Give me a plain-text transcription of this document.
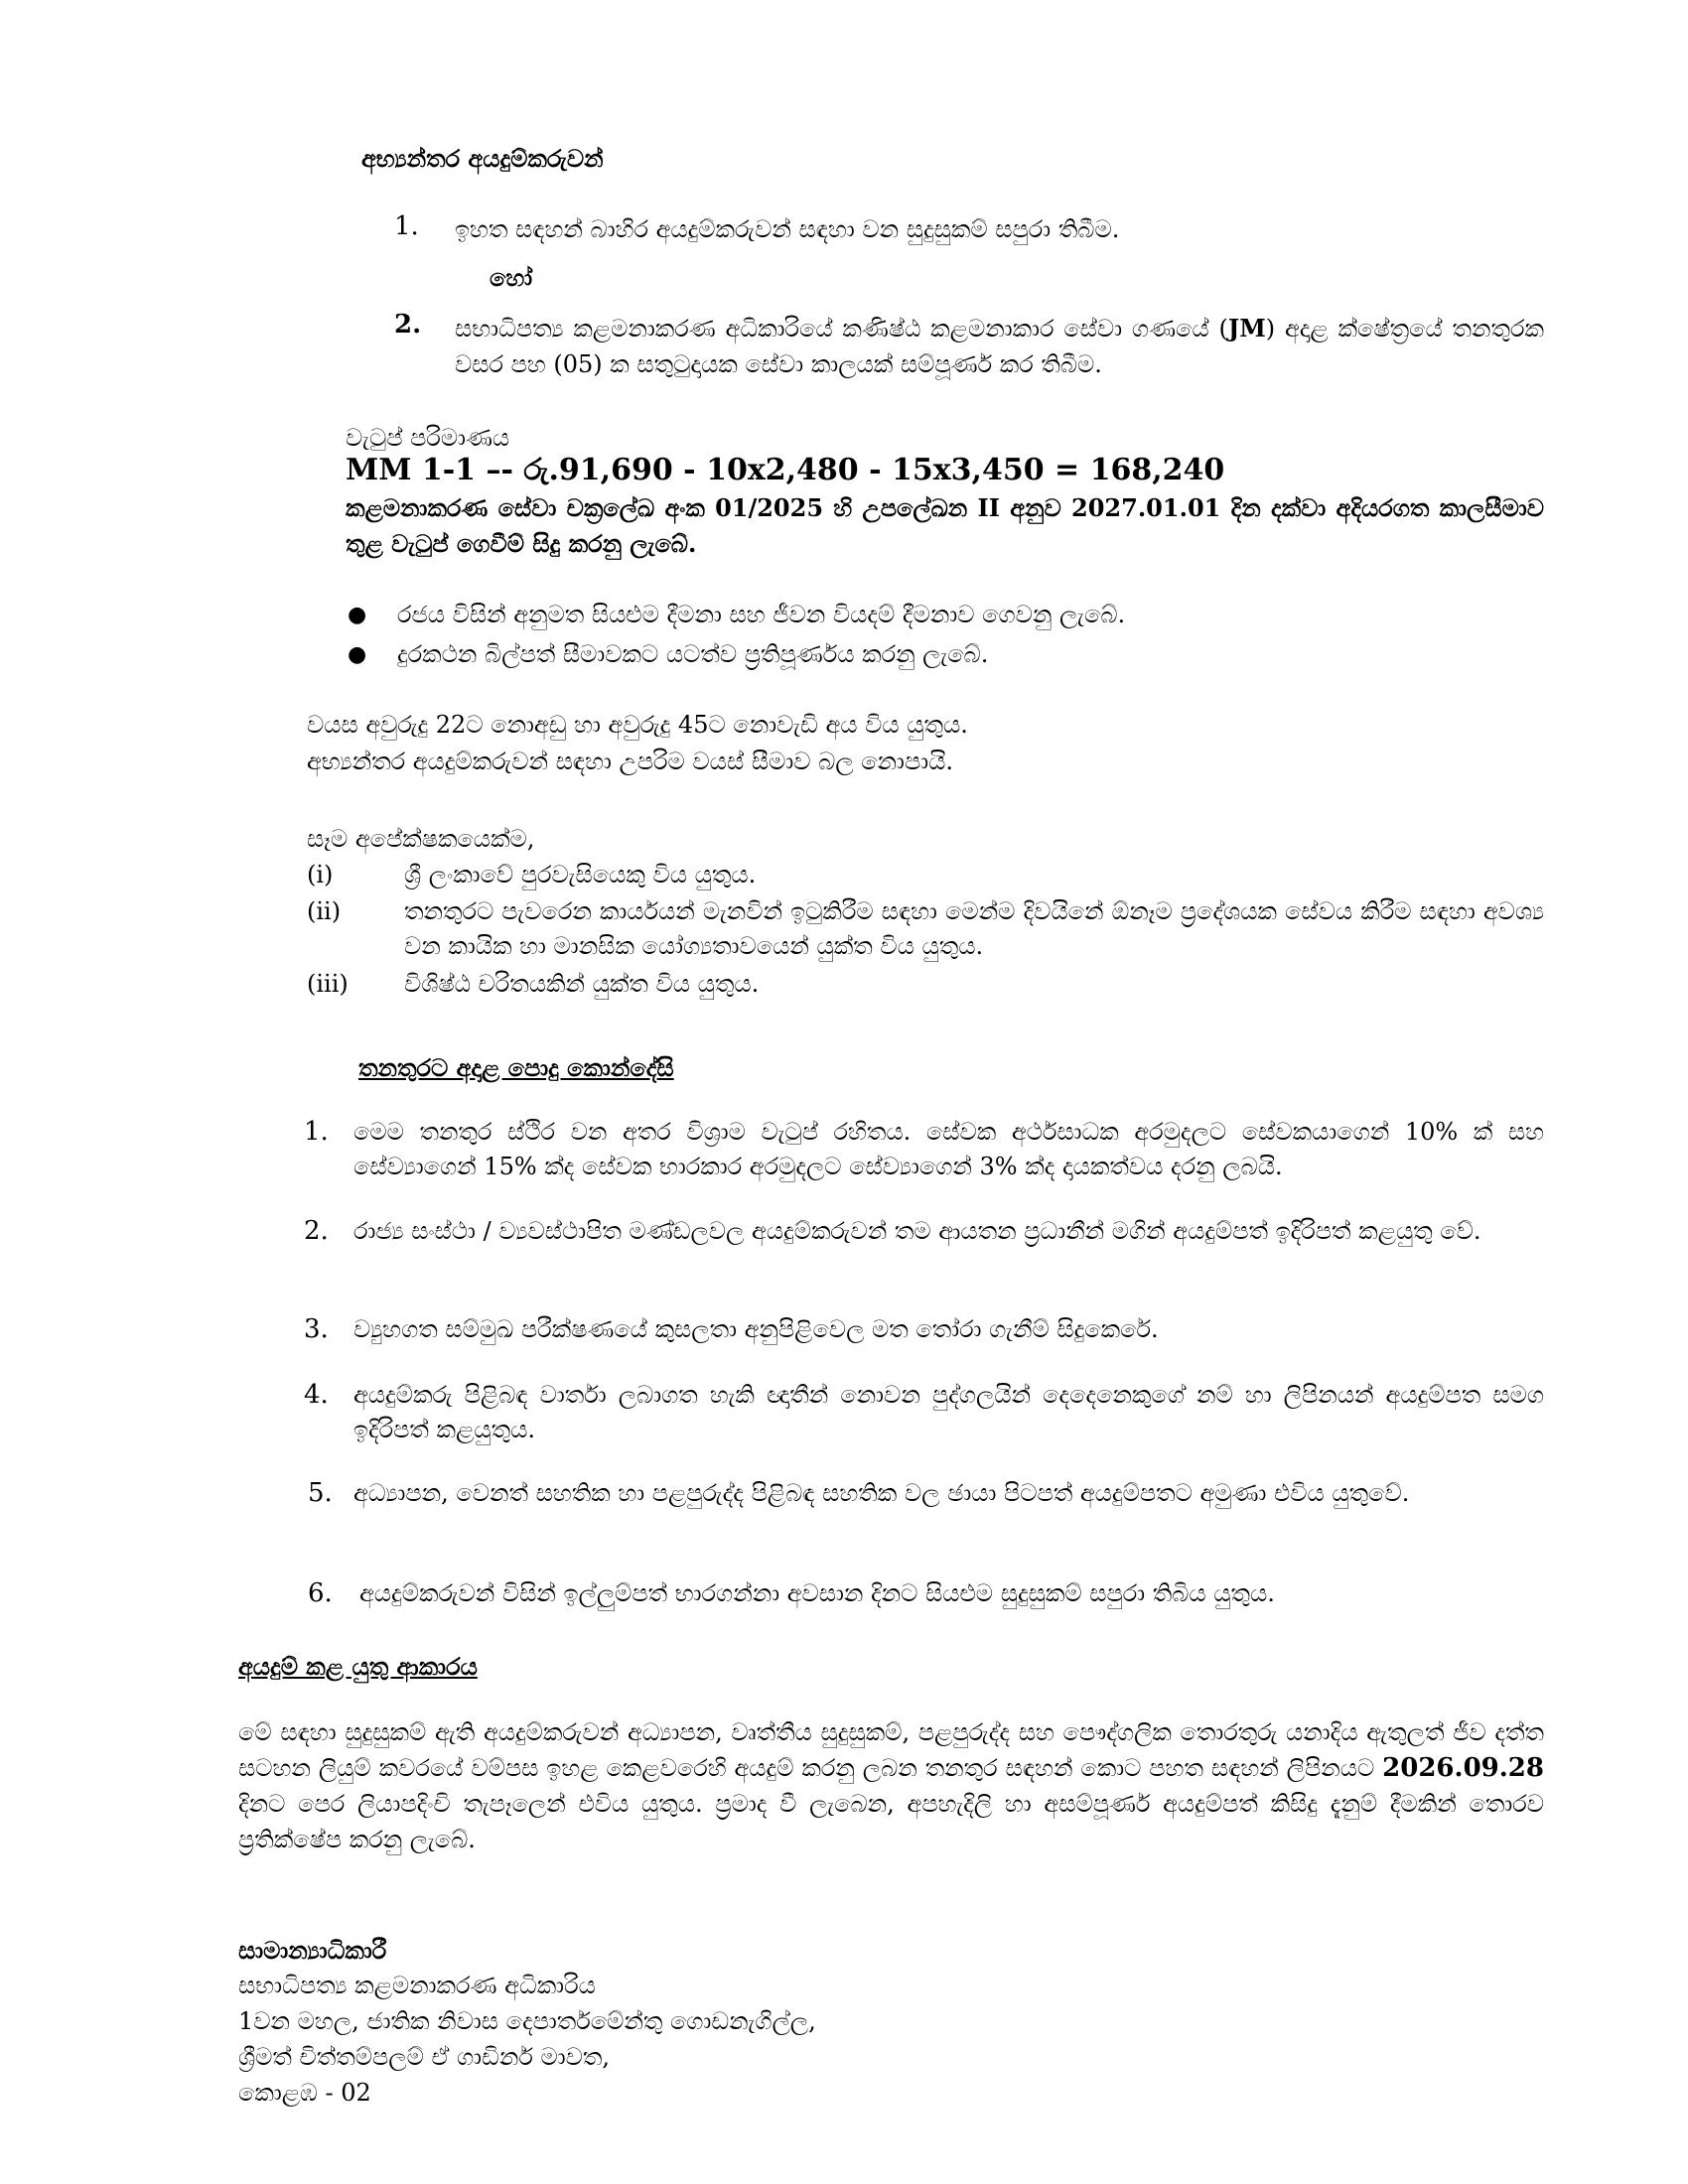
අභ්‍යන්තර අයදුම්කරුවන්
1. ඉහත සඳහන් බාහිර අයදුම්කරුවන් සඳහා වන සුදුසුකම් සපුරා තිබීම.
හෝ
2. සභාධිපත්‍ය කළමනාකරණ අධිකාරියේ කණිෂ්ඨ කළමනාකාර සේවා ගණයේ (JM) අදාළ ක්ෂේත්‍රයේ තනතුරක වසර පහ (05) ක සතුටුදායක සේවා කාලයක් සම්පූර්ණ කර තිබීම.
වැටුප් පරිමාණය
MM 1-1 –- රු.91,690 - 10x2,480 - 15x3,450 = 168,240
කළමනාකරණ සේවා චක්‍රලේඛ අංක 01/2025 හි උපලේඛන II අනුව 2027.01.01 දින දක්වා අදියරගත කාලසීමාව තුළ වැටුප් ගෙවීම් සිදු කරනු ලැබේ.
● රජය විසින් අනුමත සියළුම දීමනා සහ ජීවන වියදම් දීමනාව ගෙවනු ලැබේ.
● දුරකථන බිල්පත් සීමාවකට යටත්ව ප්‍රතිපූර්ණය කරනු ලැබේ.
වයස අවුරුදු 22ට නොඅඩු හා අවුරුදු 45ට නොවැඩි අය විය යුතුය.
අභ්‍යන්තර අයදුම්කරුවන් සඳහා උපරිම වයස් සීමාව බල නොපායි.
සෑම අපේක්ෂකයෙක්ම,
(i)	ශ්‍රී ලංකාවේ පුරවැසියෙකු විය යුතුය.
(ii)	තනතුරට පැවරෙන කාර්යයන් මැනවින් ඉටුකිරීම සඳහා මෙන්ම දිවයිනේ ඕනෑම ප්‍රදේශයක සේවය කිරීම සඳහා අවශ්‍ය වන කායික හා මානසික යෝග්‍යතාවයෙන් යුක්ත විය යුතුය.
(iii) විශිෂ්ඨ චරිතයකින් යුක්ත විය යුතුය.
තනතුරට අදාළ පොදු කොන්දේසි
1. මෙම තනතුර ස්ථිර වන අතර විශ්‍රාම වැටුප් රහිතය. සේවක අර්ථසාධක අරමුදලට සේවකයාගෙන් 10% ක් සහ සේව්‍යාගෙන් 15% ක්ද සේවක භාරකාර අරමුදලට සේව්‍යාගෙන් 3% ක්ද දායකත්වය දරනු ලබයි.
2. රාජ්‍ය සංස්ථා / ව්‍යවස්ථාපිත මණ්ඩලවල අයදුම්කරුවන් තම ආයතන ප්‍රධානීන් මගින් අයදුම්පත් ඉදිරිපත් කළයුතු වේ.
3. ව්‍යුහගත සම්මුඛ පරීක්ෂණයේ කුසලතා අනුපිළිවෙල මත තෝරා ගැනීම් සිදුකෙරේ.
4. අයදුම්කරු පිළිබඳ වාර්තා ලබාගත හැකි ඥාතීන් නොවන පුද්ගලයින් දෙදෙනෙකුගේ නම් හා ලිපිනයන් අයදුම්පත සමග ඉදිරිපත් කළයුතුය.
5. අධ්‍යාපන, වෙනත් සහතික හා පළපුරුද්ද පිළිබඳ සහතික වල ඡායා පිටපත් අයදුම්පතට අමුණා එවිය යුතුවේ.
6. අයදුම්කරුවන් විසින් ඉල්ලුම්පත් භාරගන්නා අවසාන දිනට සියළුම සුදුසුකම් සපුරා තිබිය යුතුය.
අයදුම් කළ යුතු ආකාරය
මේ සඳහා සුදුසුකම් ඇති අයදුම්කරුවන් අධ්‍යාපන, වෘත්තීය සුදුසුකම්, පළපුරුද්ද සහ පෞද්ගලික තොරතුරු යනාදිය ඇතුලත් ජීව දත්ත සටහන ලියුම් කවරයේ වම්පස ඉහළ කෙළවරෙහි අයදුම් කරනු ලබන තනතුර සඳහන් කොට පහත සඳහන් ලිපිනයට 2026.09.28 දිනට පෙර ලියාපදිංචි තැපෑලෙන් එවිය යුතුය. ප්‍රමාද වී ලැබෙන, අපහැදිලි හා අසම්පූර්ණ අයදුම්පත් කිසිදු දැනුම් දීමකින් තොරව ප්‍රතික්ෂේප කරනු ලැබේ.
සාමාන්‍යාධිකාරී
සභාධිපත්‍ය කළමනාකරණ අධිකාරිය
1වන මහල, ජාතික නිවාස දෙපාර්තමේන්තු ගොඩනැගිල්ල,
ශ්‍රීමත් චිත්තම්පලම් ඒ ගාඩිනර් මාවත,
කොළඹ - 02
